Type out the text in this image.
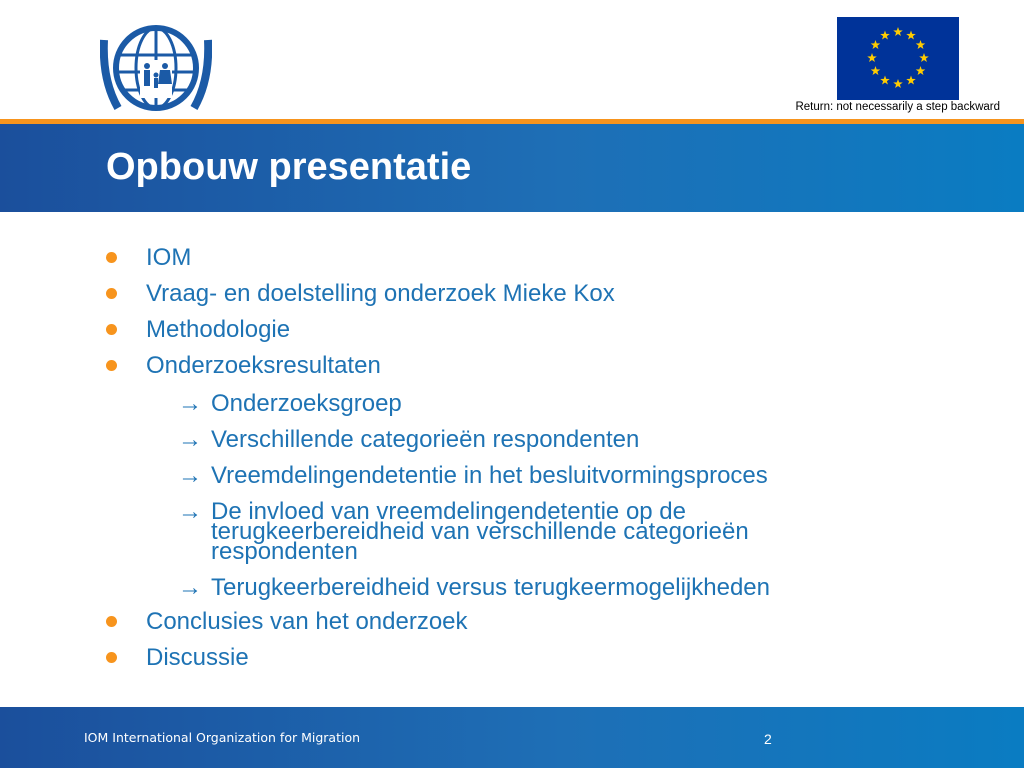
Return: not necessarily a step backward
Opbouw presentatie
IOM
Vraag- en doelstelling onderzoek Mieke Kox
Methodologie
Onderzoeksresultaten
→ Onderzoeksgroep
→ Verschillende categorieën respondenten
→ Vreemdelingendetentie in het besluitvormingsproces
→ De invloed van vreemdelingendetentie op de
terugkeerbereidheid van verschillende categorieën
respondenten
→ Terugkeerbereidheid versus terugkeermogelijkheden
Conclusies van het onderzoek
Discussie
IOM International Organization for Migration	2
